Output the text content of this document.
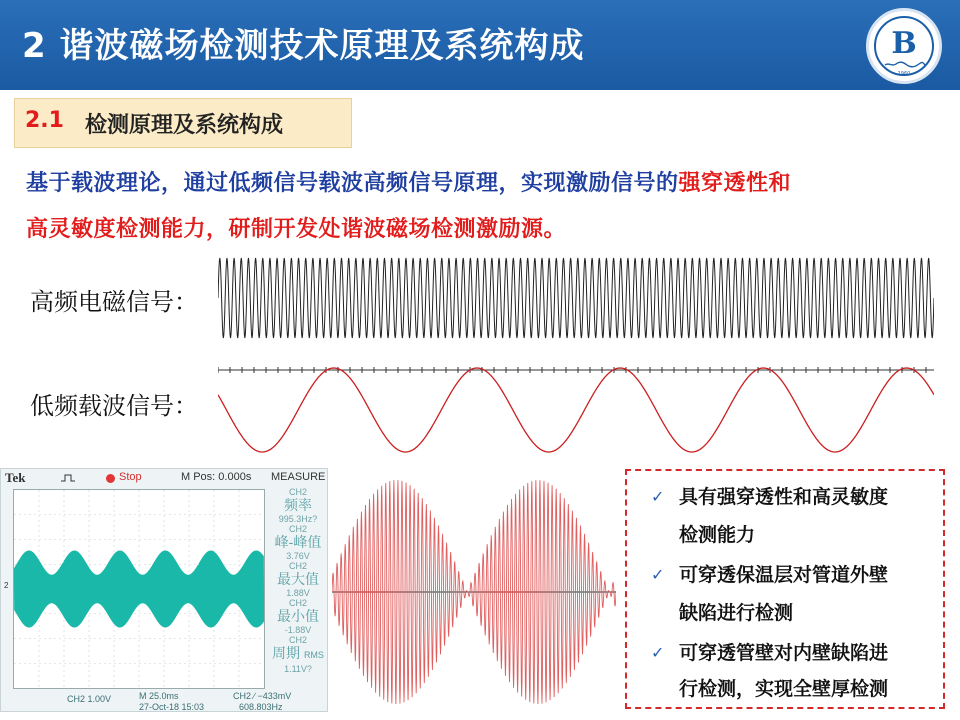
2 谐波磁场检测技术原理及系统构成	B
1960
2.1 检测原理及系统构成
基于载波理论，通过低频信号载波高频信号原理，实现激励信号的强穿透性和
高灵敏度检测能力，研制开发处谐波磁场检测激励源。
高频电磁信号：
低频载波信号：
Tek	Stop	M Pos: 0.000s MEASURE
2
CH2
频率
995.3Hz?
CH2
峰-峰值
3.76V
CH2
最大值
1.88V
CH2
最小值
-1.88V
CH2
周期 RMS
1.11V?
CH2 1.00V	M 25.0ms
27-Oct-18 15:03
CH2 ∕ −433mV
608.803Hz
✓ 具有强穿透性和高灵敏度
检测能力
✓ 可穿透保温层对管道外壁
缺陷进行检测
✓ 可穿透管壁对内壁缺陷进
行检测，实现全壁厚检测
